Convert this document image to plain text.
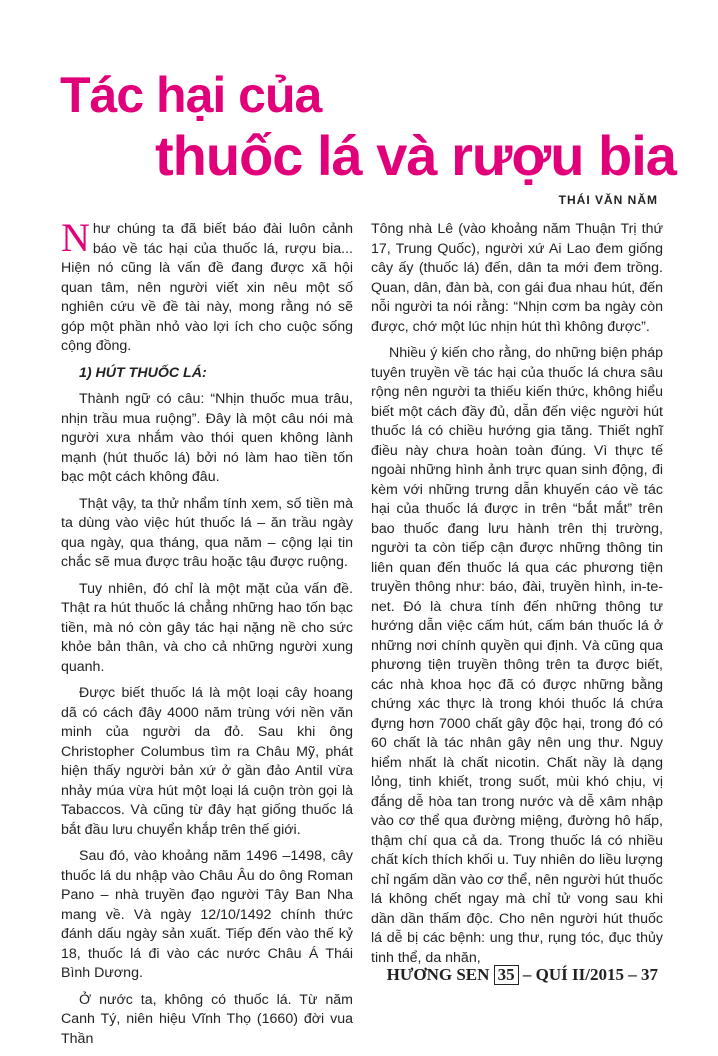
Tác hại của
thuốc lá và rượu bia
THÁI VĂN NĂM

Như chúng ta đã biết báo đài luôn cảnh báo về tác hại của thuốc lá, rượu bia... Hiện nó cũng là vấn đề đang được xã hội quan tâm, nên người viết xin nêu một số nghiên cứu về đề tài này, mong rằng nó sẽ góp một phần nhỏ vào lợi ích cho cuộc sống cộng đồng.

1) HÚT THUỐC LÁ:

Thành ngữ có câu: “Nhịn thuốc mua trâu, nhịn trầu mua ruộng”. Đây là một câu nói mà người xưa nhắm vào thói quen không lành mạnh (hút thuốc lá) bởi nó làm hao tiền tốn bạc một cách không đâu.

Thật vậy, ta thử nhẩm tính xem, số tiền mà ta dùng vào việc hút thuốc lá – ăn trầu ngày qua ngày, qua tháng, qua năm – cộng lại tin chắc sẽ mua được trâu hoặc tậu được ruộng.

Tuy nhiên, đó chỉ là một mặt của vấn đề. Thật ra hút thuốc lá chẳng những hao tốn bạc tiền, mà nó còn gây tác hại nặng nề cho sức khỏe bản thân, và cho cả những người xung quanh.

Được biết thuốc lá là một loại cây hoang dã có cách đây 4000 năm trùng với nền văn minh của người da đỏ. Sau khi ông Christopher Columbus tìm ra Châu Mỹ, phát hiện thấy người bản xứ ở gần đảo Antil vừa nhảy múa vừa hút một loại lá cuộn tròn gọi là Tabaccos. Và cũng từ đây hạt giống thuốc lá bắt đầu lưu chuyển khắp trên thế giới.

Sau đó, vào khoảng năm 1496 –1498, cây thuốc lá du nhập vào Châu Âu do ông Roman Pano – nhà truyền đạo người Tây Ban Nha mang về. Và ngày 12/10/1492 chính thức đánh dấu ngày sản xuất. Tiếp đến vào thế kỷ 18, thuốc lá đi vào các nước Châu Á Thái Bình Dương.

Ở nước ta, không có thuốc lá. Từ năm Canh Tý, niên hiệu Vĩnh Thọ (1660) đời vua Thần

Tông nhà Lê (vào khoảng năm Thuận Trị thứ 17, Trung Quốc), người xứ Ai Lao đem giống cây ấy (thuốc lá) đến, dân ta mới đem trồng. Quan, dân, đàn bà, con gái đua nhau hút, đến nỗi người ta nói rằng: “Nhịn cơm ba ngày còn được, chớ một lúc nhịn hút thì không được”.

Nhiều ý kiến cho rằng, do những biện pháp tuyên truyền về tác hại của thuốc lá chưa sâu rộng nên người ta thiếu kiến thức, không hiểu biết một cách đầy đủ, dẫn đến việc người hút thuốc lá có chiều hướng gia tăng. Thiết nghĩ điều này chưa hoàn toàn đúng. Vì thực tế ngoài những hình ảnh trực quan sinh động, đi kèm với những trưng dẫn khuyến cáo về tác hại của thuốc lá được in trên “bắt mắt” trên bao thuốc đang lưu hành trên thị trường, người ta còn tiếp cận được những thông tin liên quan đến thuốc lá qua các phương tiện truyền thông như: báo, đài, truyền hình, in-te-net. Đó là chưa tính đến những thông tư hướng dẫn việc cấm hút, cấm bán thuốc lá ở những nơi chính quyền qui định. Và cũng qua phương tiện truyền thông trên ta được biết, các nhà khoa học đã có được những bằng chứng xác thực là trong khói thuốc lá chứa đựng hơn 7000 chất gây độc hại, trong đó có 60 chất là tác nhân gây nên ung thư. Nguy hiểm nhất là chất nicotin. Chất nầy là dạng lỏng, tinh khiết, trong suốt, mùi khó chịu, vị đắng dễ hòa tan trong nước và dễ xâm nhập vào cơ thể qua đường miệng, đường hô hấp, thậm chí qua cả da. Trong thuốc lá có nhiều chất kích thích khối u. Tuy nhiên do liều lượng chỉ ngấm dần vào cơ thể, nên người hút thuốc lá không chết ngay mà chỉ tử vong sau khi dần dần thấm độc. Cho nên người hút thuốc lá dễ bị các bệnh: ung thư, rụng tóc, đục thủy tinh thể, da nhăn,

HƯƠNG SEN 35 – QUÍ II/2015 – 37
